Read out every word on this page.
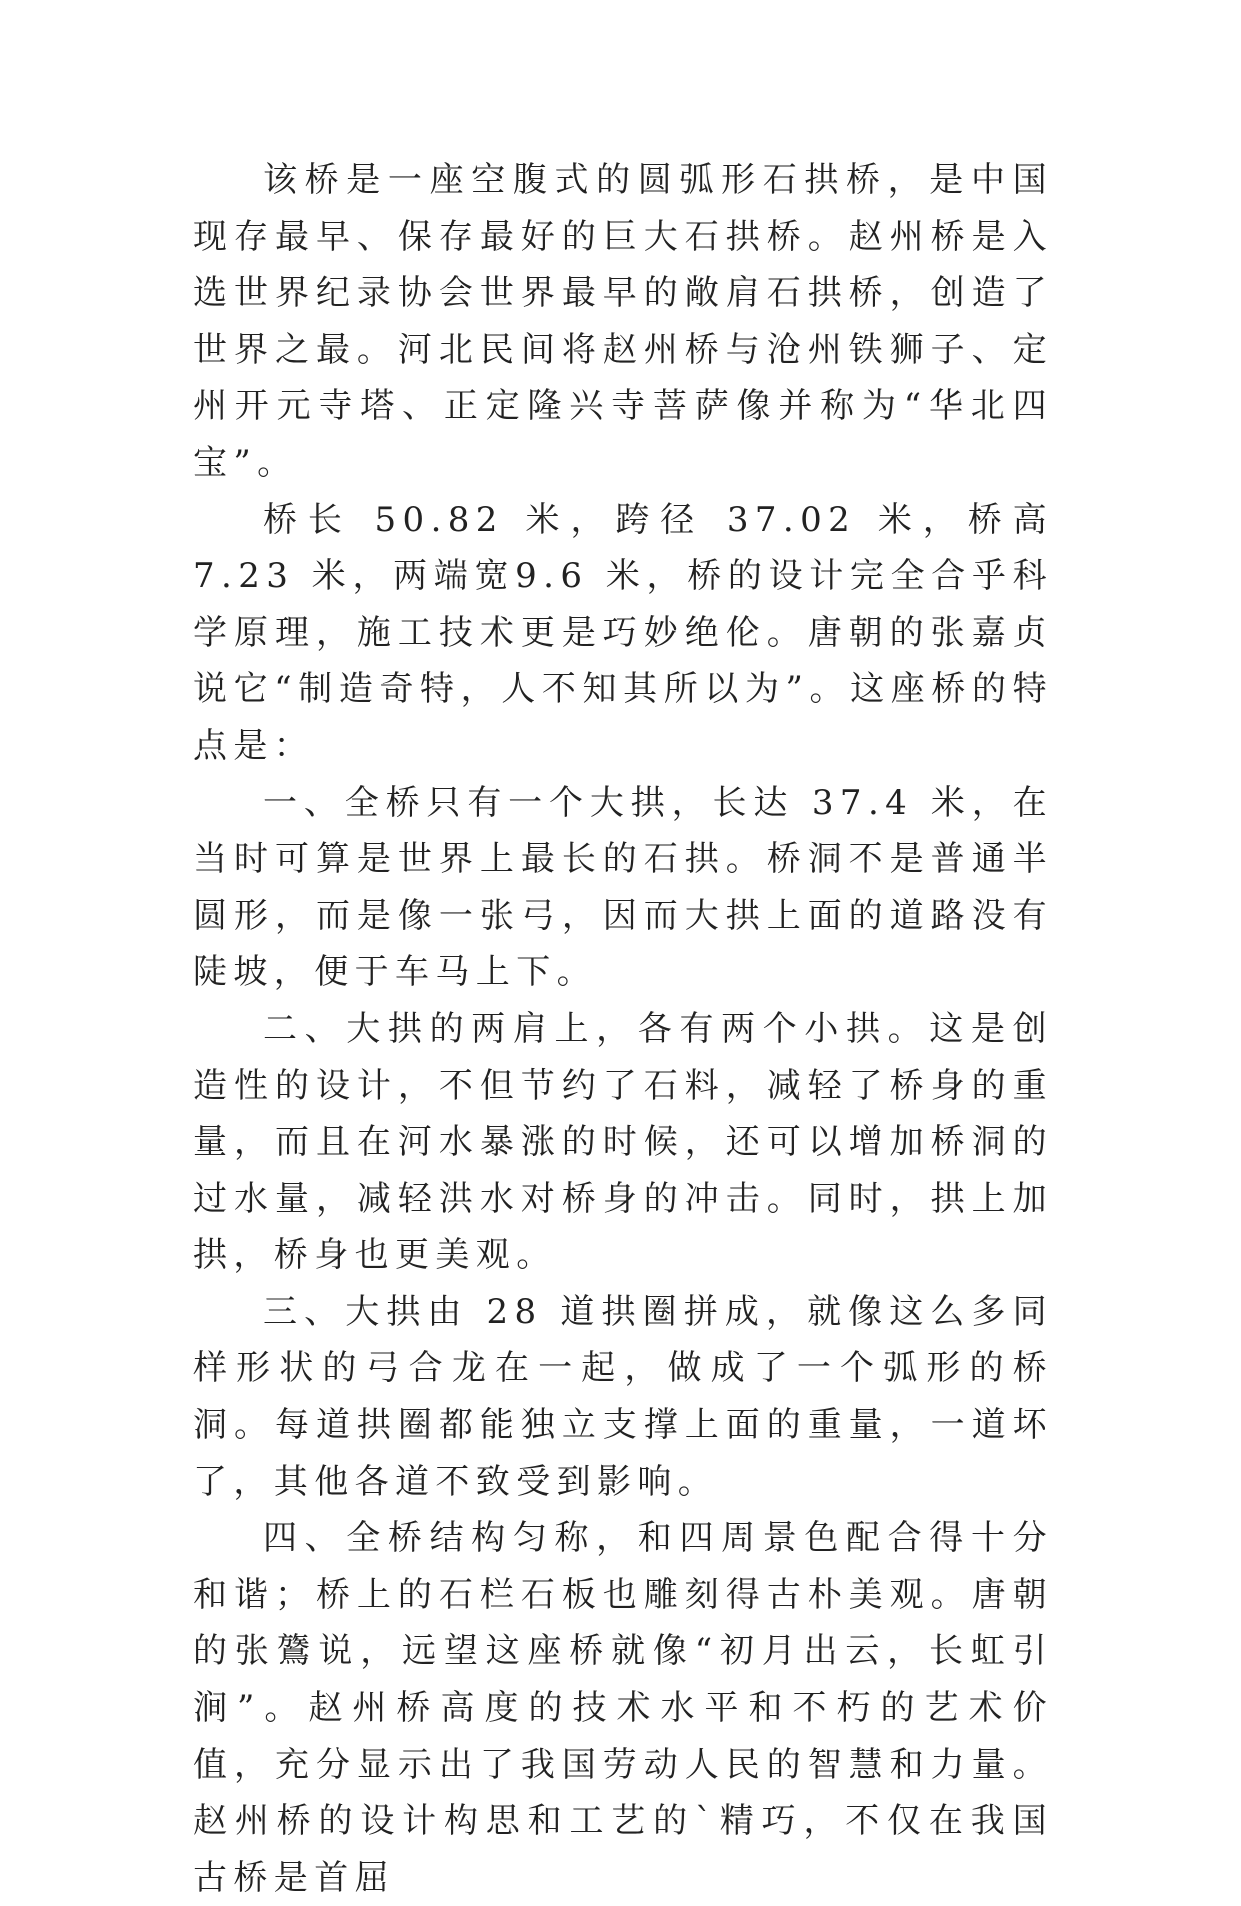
该桥是一座空腹式的圆弧形石拱桥，是中国现存最早、保存最好的巨大石拱桥。赵州桥是入选世界纪录协会世界最早的敞肩石拱桥，创造了世界之最。河北民间将赵州桥与沧州铁狮子、定州开元寺塔、正定隆兴寺菩萨像并称为“华北四宝”。

桥长 50.82 米，跨径 37.02 米，桥高 7.23 米，两端宽9.6 米，桥的设计完全合乎科学原理，施工技术更是巧妙绝伦。唐朝的张嘉贞说它“制造奇特，人不知其所以为”。这座桥的特点是：

一、全桥只有一个大拱，长达 37.4 米，在当时可算是世界上最长的石拱。桥洞不是普通半圆形，而是像一张弓，因而大拱上面的道路没有陡坡，便于车马上下。

二、大拱的两肩上，各有两个小拱。这是创造性的设计，不但节约了石料，减轻了桥身的重量，而且在河水暴涨的时候，还可以增加桥洞的过水量，减轻洪水对桥身的冲击。同时，拱上加拱，桥身也更美观。

三、大拱由 28 道拱圈拼成，就像这么多同样形状的弓合龙在一起，做成了一个弧形的桥洞。每道拱圈都能独立支撑上面的重量，一道坏了，其他各道不致受到影响。

四、全桥结构匀称，和四周景色配合得十分和谐；桥上的石栏石板也雕刻得古朴美观。唐朝的张鷟说，远望这座桥就像“初月出云，长虹引涧”。赵州桥高度的技术水平和不朽的艺术价值，充分显示出了我国劳动人民的智慧和力量。赵州桥的设计构思和工艺的`精巧，不仅在我国古桥是首屈
